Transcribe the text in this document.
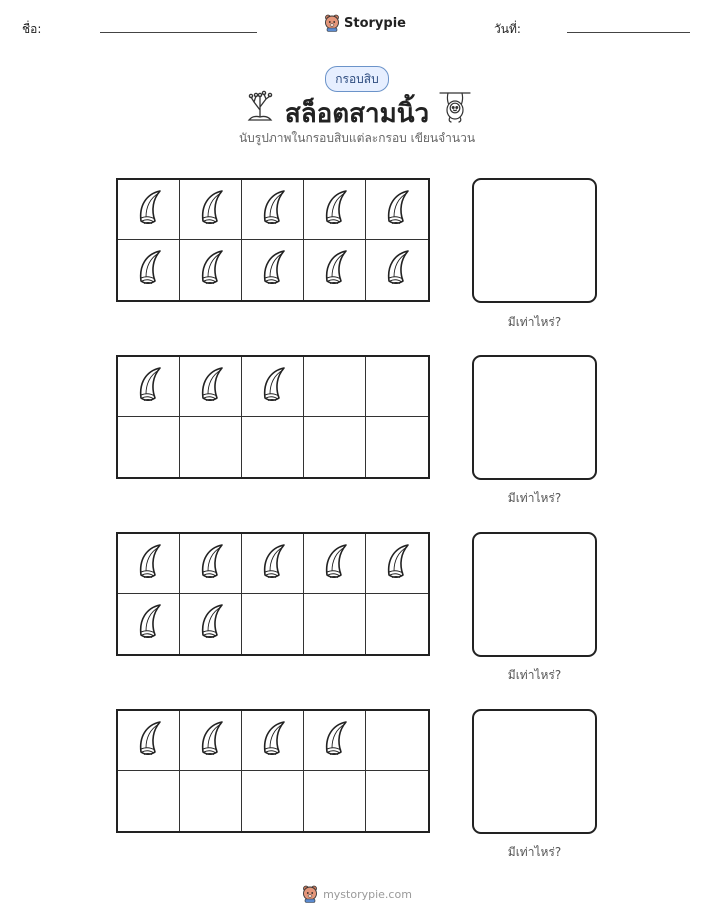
ชื่อ:	Storypie	วันที่:
กรอบสิบ
สล็อตสามนิ้ว
นับรูปภาพในกรอบสิบแต่ละกรอบ เขียนจำนวน
มีเท่าไหร่?
มีเท่าไหร่?
มีเท่าไหร่?
มีเท่าไหร่?
mystorypie.com
